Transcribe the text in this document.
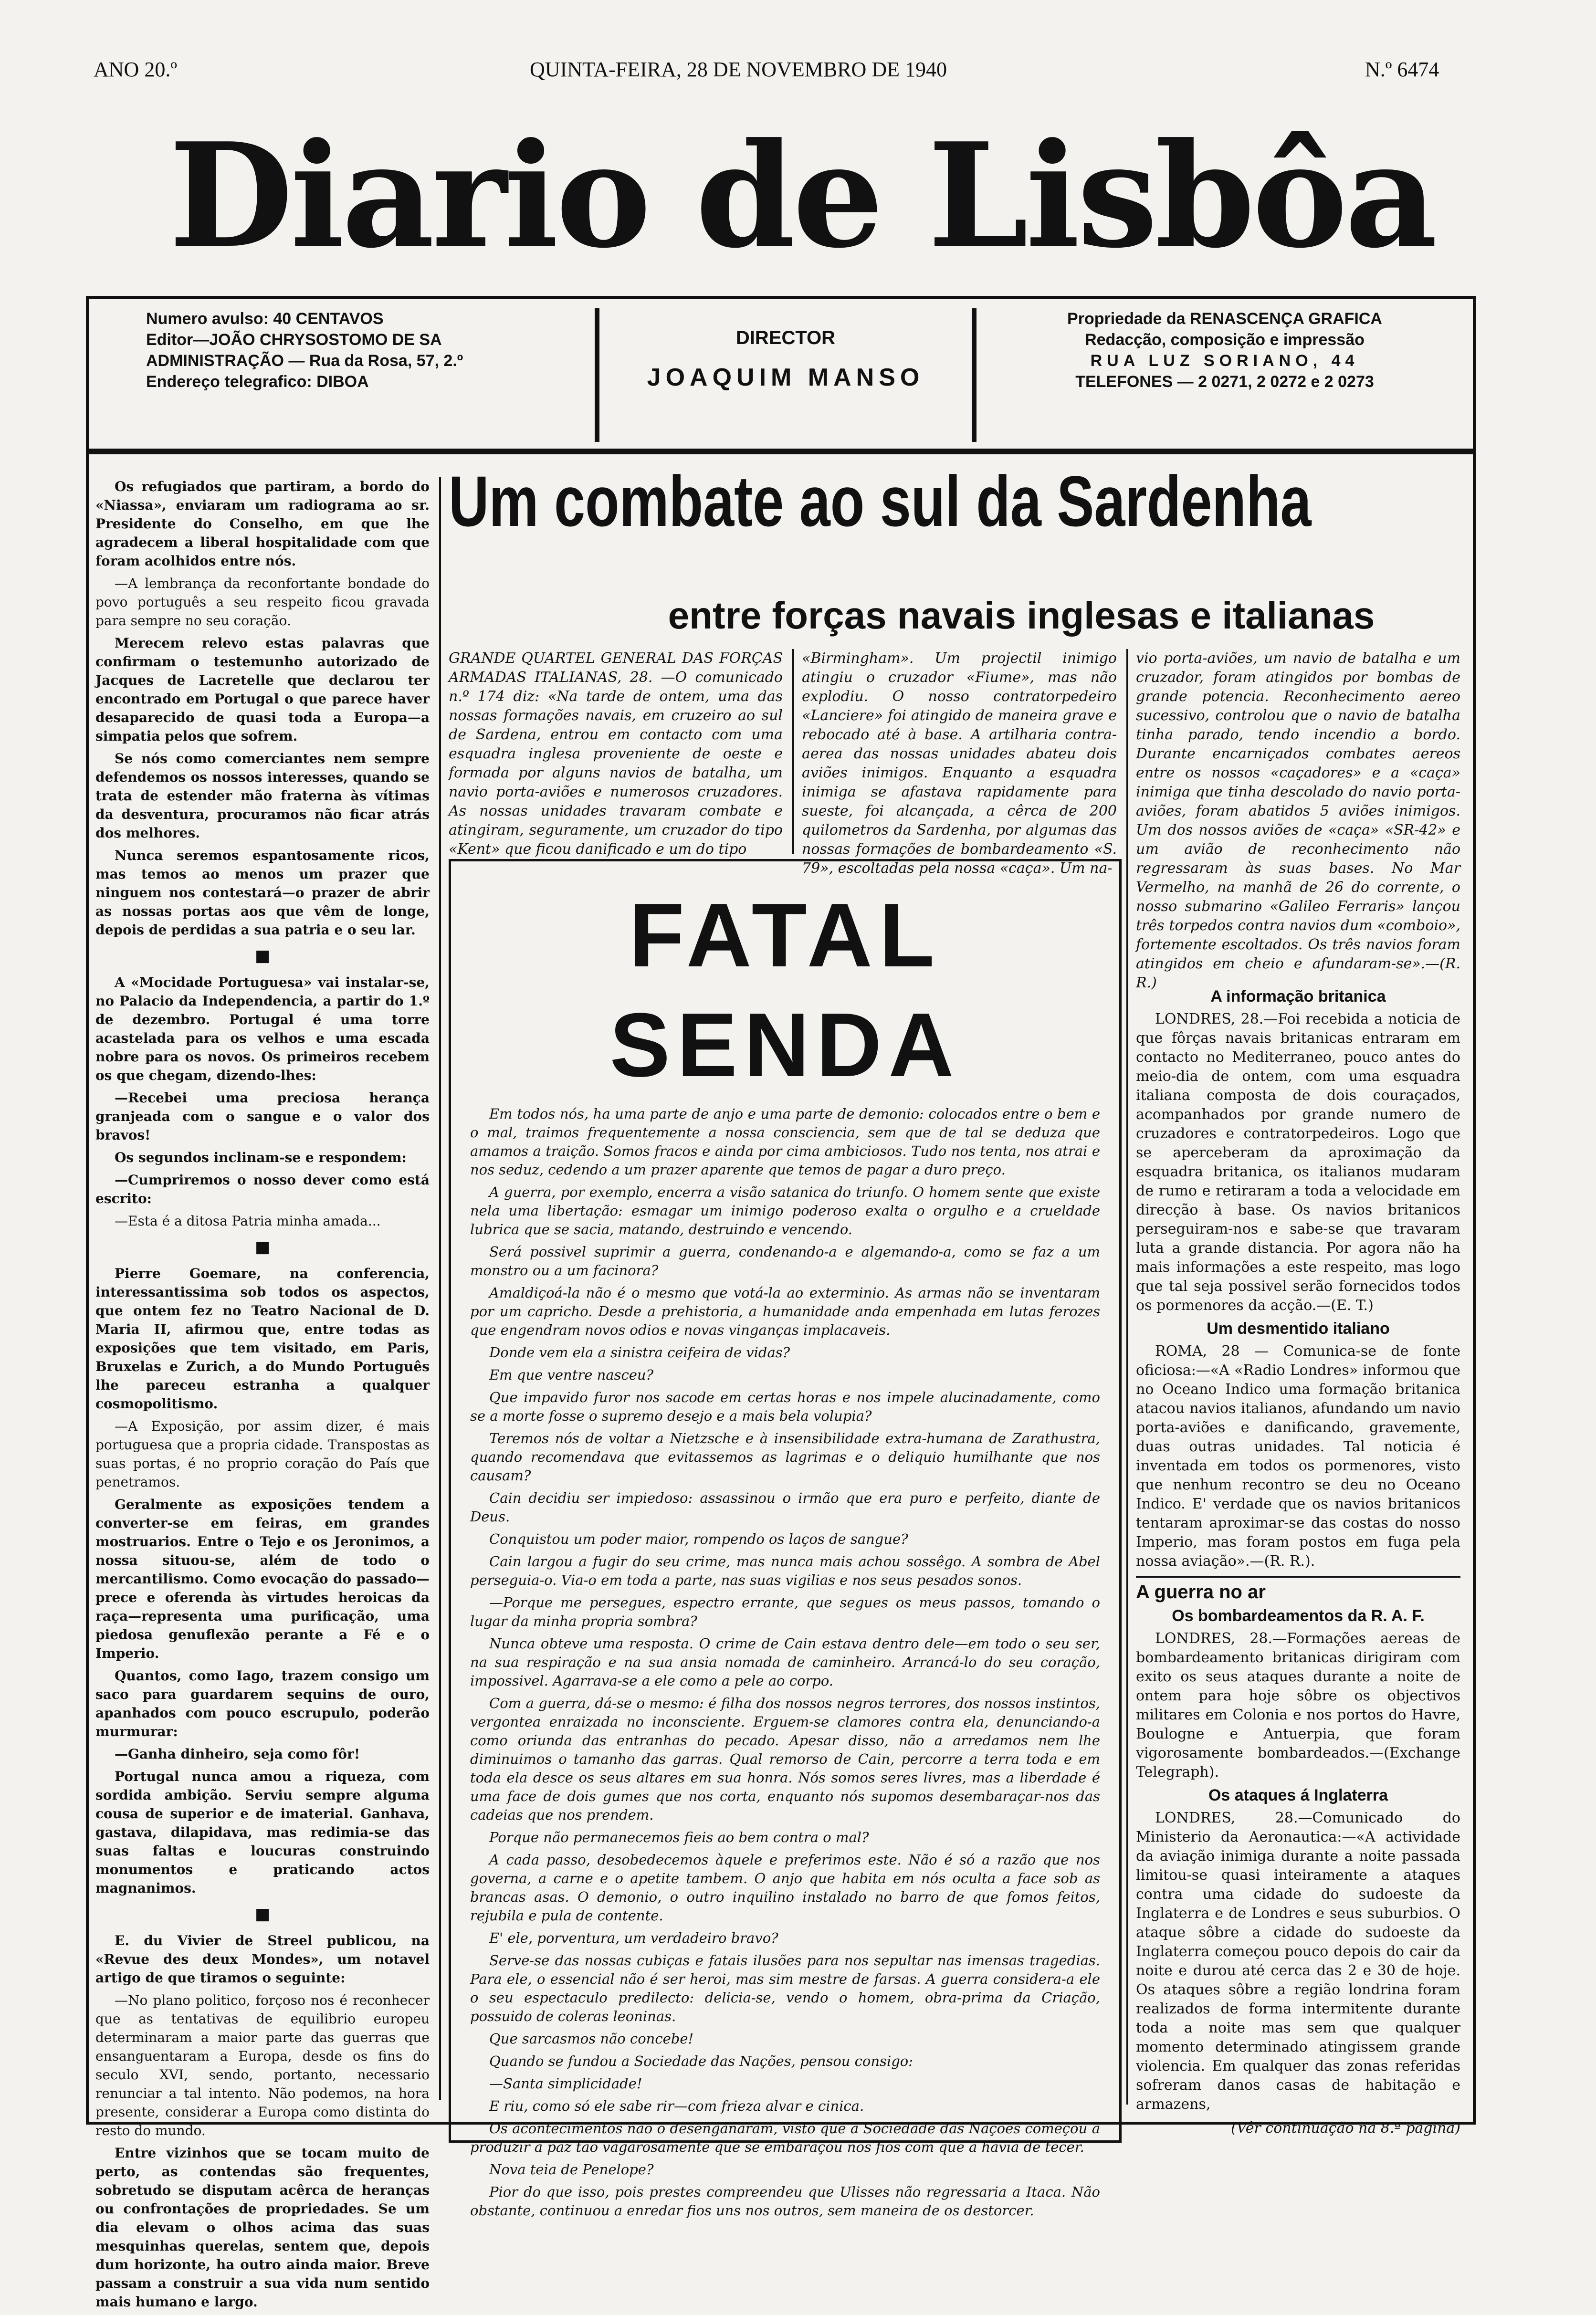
ANO 20.º	QUINTA-FEIRA, 28 DE NOVEMBRO DE 1940	N.º 6474
Diario de Lisbôa
Numero avulso: 40 CENTAVOS
Editor—JOÃO CHRYSOSTOMO DE SA
ADMINISTRAÇÃO — Rua da Rosa, 57, 2.º
Endereço telegrafico: DIBOA
DIRECTOR
JOAQUIM MANSO
Propriedade da RENASCENÇA GRAFICA
Redacção, composição e impressão
RUA LUZ SORIANO, 44
TELEFONES — 2 0271, 2 0272 e 2 0273

Os refugiados que partiram, a bordo do «Niassa», enviaram um radiograma ao sr. Presidente do Conselho, em que lhe agradecem a liberal hospitalidade com que foram acolhidos entre nós.

—A lembrança da reconfortante bondade do povo português a seu respeito ficou gravada para sempre no seu coração.

Merecem relevo estas palavras que confirmam o testemunho autorizado de Jacques de Lacretelle que declarou ter encontrado em Portugal o que parece haver desaparecido de quasi toda a Europa—a simpatia pelos que sofrem.

Se nós como comerciantes nem sempre defendemos os nossos interesses, quando se trata de estender mão fraterna às vítimas da desventura, procuramos não ficar atrás dos melhores.

Nunca seremos espantosamente ricos, mas temos ao menos um prazer que ninguem nos contestará—o prazer de abrir as nossas portas aos que vêm de longe, depois de perdidas a sua patria e o seu lar.

■

A «Mocidade Portuguesa» vai instalar-se, no Palacio da Independencia, a partir do 1.º de dezembro. Portugal é uma torre acastelada para os velhos e uma escada nobre para os novos. Os primeiros recebem os que chegam, dizendo-lhes:

—Recebei uma preciosa herança granjeada com o sangue e o valor dos bravos!

Os segundos inclinam-se e respondem:

—Cumpriremos o nosso dever como está escrito:

—Esta é a ditosa Patria minha amada...

■

Pierre Goemare, na conferencia, interessantissima sob todos os aspectos, que ontem fez no Teatro Nacional de D. Maria II, afirmou que, entre todas as exposições que tem visitado, em Paris, Bruxelas e Zurich, a do Mundo Português lhe pareceu estranha a qualquer cosmopolitismo.

—A Exposição, por assim dizer, é mais portuguesa que a propria cidade. Transpostas as suas portas, é no proprio coração do País que penetramos.

Geralmente as exposições tendem a converter-se em feiras, em grandes mostruarios. Entre o Tejo e os Jeronimos, a nossa situou-se, além de todo o mercantilismo. Como evocação do passado— prece e oferenda às virtudes heroicas da raça—representa uma purificação, uma piedosa genuflexão perante a Fé e o Imperio.

Quantos, como Iago, trazem consigo um saco para guardarem sequins de ouro, apanhados com pouco escrupulo, poderão murmurar:

—Ganha dinheiro, seja como fôr!

Portugal nunca amou a riqueza, com sordida ambição. Serviu sempre alguma cousa de superior e de imaterial. Ganhava, gastava, dilapidava, mas redimia-se das suas faltas e loucuras construindo monumentos e praticando actos magnanimos.

■

E. du Vivier de Streel publicou, na «Revue des deux Mondes», um notavel artigo de que tiramos o seguinte:

—No plano politico, forçoso nos é reconhecer que as tentativas de equilibrio europeu determinaram a maior parte das guerras que ensanguentaram a Europa, desde os fins do seculo XVI, sendo, portanto, necessario renunciar a tal intento. Não podemos, na hora presente, considerar a Europa como distinta do resto do mundo.

Entre vizinhos que se tocam muito de perto, as contendas são frequentes, sobretudo se disputam acêrca de heranças ou confrontações de propriedades. Se um dia elevam o olhos acima das suas mesquinhas querelas, sentem que, depois dum horizonte, ha outro ainda maior. Breve passam a construir a sua vida num sentido mais humano e largo.

Um combate ao sul da Sardenha
entre forças navais inglesas e italianas
GRANDE QUARTEL GENERAL DAS FORÇAS ARMADAS ITALIANAS, 28. —O comunicado n.º 174 diz: «Na tarde de ontem, uma das nossas formações navais, em cruzeiro ao sul de Sardena, entrou em contacto com uma esquadra inglesa proveniente de oeste e formada por alguns navios de batalha, um navio porta-aviões e numerosos cruzadores. As nossas unidades travaram combate e atingiram, seguramente, um cruzador do tipo «Kent» que ficou danificado e um do tipo
«Birmingham». Um projectil inimigo atingiu o cruzador «Fiume», mas não explodiu. O nosso contratorpedeiro «Lanciere» foi atingido de maneira grave e rebocado até à base. A artilharia contra-aerea das nossas unidades abateu dois aviões inimigos. Enquanto a esquadra inimiga se afastava rapidamente para sueste, foi alcançada, a cêrca de 200 quilometros da Sardenha, por algumas das nossas formações de bombardeamento «S. 79», escoltadas pela nossa «caça». Um na-
vio porta-aviões, um navio de batalha e um cruzador, foram atingidos por bombas de grande potencia. Reconhecimento aereo sucessivo, controlou que o navio de batalha tinha parado, tendo incendio a bordo. Durante encarniçados combates aereos entre os nossos «caçadores» e a «caça» inimiga que tinha descolado do navio porta-aviões, foram abatidos 5 aviões inimigos. Um dos nossos aviões de «caça» «SR-42» e um avião de reconhecimento não regressaram às suas bases. No Mar Vermelho, na manhã de 26 do corrente, o nosso submarino «Galileo Ferraris» lançou três torpedos contra navios dum «comboio», fortemente escoltados. Os três navios foram atingidos em cheio e afundaram-se».—(R. R.)
FATAL SENDA

Em todos nós, ha uma parte de anjo e uma parte de demonio: colocados entre o bem e o mal, traimos frequentemente a nossa consciencia, sem que de tal se deduza que amamos a traição. Somos fracos e ainda por cima ambiciosos. Tudo nos tenta, nos atrai e nos seduz, cedendo a um prazer aparente que temos de pagar a duro preço.

A guerra, por exemplo, encerra a visão satanica do triunfo. O homem sente que existe nela uma libertação: esmagar um inimigo poderoso exalta o orgulho e a crueldade lubrica que se sacia, matando, destruindo e vencendo.

Será possivel suprimir a guerra, condenando-a e algemando-a, como se faz a um monstro ou a um facinora?

Amaldiçoá-la não é o mesmo que votá-la ao exterminio. As armas não se inventaram por um capricho. Desde a prehistoria, a humanidade anda empenhada em lutas ferozes que engendram novos odios e novas vinganças implacaveis.

Donde vem ela a sinistra ceifeira de vidas?

Em que ventre nasceu?

Que impavido furor nos sacode em certas horas e nos impele alucinadamente, como se a morte fosse o supremo desejo e a mais bela volupia?

Teremos nós de voltar a Nietzsche e à insensibilidade extra-humana de Zarathustra, quando recomendava que evitassemos as lagrimas e o deliquio humilhante que nos causam?

Cain decidiu ser impiedoso: assassinou o irmão que era puro e perfeito, diante de Deus.

Conquistou um poder maior, rompendo os laços de sangue?

Cain largou a fugir do seu crime, mas nunca mais achou sossêgo. A sombra de Abel perseguia-o. Via-o em toda a parte, nas suas vigilias e nos seus pesados sonos.

—Porque me persegues, espectro errante, que segues os meus passos, tomando o lugar da minha propria sombra?

Nunca obteve uma resposta. O crime de Cain estava dentro dele—em todo o seu ser, na sua respiração e na sua ansia nomada de caminheiro. Arrancá-lo do seu coração, impossivel. Agarrava-se a ele como a pele ao corpo.

Com a guerra, dá-se o mesmo: é filha dos nossos negros terrores, dos nossos instintos, vergontea enraizada no inconsciente. Erguem-se clamores contra ela, denunciando-a como oriunda das entranhas do pecado. Apesar disso, não a arredamos nem lhe diminuimos o tamanho das garras. Qual remorso de Cain, percorre a terra toda e em toda ela desce os seus altares em sua honra. Nós somos seres livres, mas a liberdade é uma face de dois gumes que nos corta, enquanto nós supomos desembaraçar-nos das cadeias que nos prendem.

Porque não permanecemos fieis ao bem contra o mal?

A cada passo, desobedecemos àquele e preferimos este. Não é só a razão que nos governa, a carne e o apetite tambem. O anjo que habita em nós oculta a face sob as brancas asas. O demonio, o outro inquilino instalado no barro de que fomos feitos, rejubila e pula de contente.

E' ele, porventura, um verdadeiro bravo?

Serve-se das nossas cubiças e fatais ilusões para nos sepultar nas imensas tragedias. Para ele, o essencial não é ser heroi, mas sim mestre de farsas. A guerra considera-a ele o seu espectaculo predilecto: delicia-se, vendo o homem, obra-prima da Criação, possuido de coleras leoninas.

Que sarcasmos não concebe!

Quando se fundou a Sociedade das Nações, pensou consigo:

—Santa simplicidade!

E riu, como só ele sabe rir—com frieza alvar e cinica.

Os acontecimentos não o desenganaram, visto que a Sociedade das Nações começou a produzir a paz tão vagarosamente que se embaraçou nos fios com que a havia de tecer.

Nova teia de Penelope?

Pior do que isso, pois prestes compreendeu que Ulisses não regressaria a Itaca. Não obstante, continuou a enredar fios uns nos outros, sem maneira de os destorcer.

A informação britanica

LONDRES, 28.—Foi recebida a noticia de que fôrças navais britanicas entraram em contacto no Mediterraneo, pouco antes do meio-dia de ontem, com uma esquadra italiana composta de dois couraçados, acompanhados por grande numero de cruzadores e contratorpedeiros. Logo que se aperceberam da aproximação da esquadra britanica, os italianos mudaram de rumo e retiraram a toda a velocidade em direcção à base. Os navios britanicos perseguiram-nos e sabe-se que travaram luta a grande distancia. Por agora não ha mais informações a este respeito, mas logo que tal seja possivel serão fornecidos todos os pormenores da acção.—(E. T.)

Um desmentido italiano

ROMA, 28 — Comunica-se de fonte oficiosa:—«A «Radio Londres» informou que no Oceano Indico uma formação britanica atacou navios italianos, afundando um navio porta-aviões e danificando, gravemente, duas outras unidades. Tal noticia é inventada em todos os pormenores, visto que nenhum recontro se deu no Oceano Indico. E' verdade que os navios britanicos tentaram aproximar-se das costas do nosso Imperio, mas foram postos em fuga pela nossa aviação».—(R. R.).

A guerra no ar
Os bombardeamentos da R. A. F.

LONDRES, 28.—Formações aereas de bombardeamento britanicas dirigiram com exito os seus ataques durante a noite de ontem para hoje sôbre os objectivos militares em Colonia e nos portos do Havre, Boulogne e Antuerpia, que foram vigorosamente bombardeados.—(Exchange Telegraph).

Os ataques á Inglaterra

LONDRES, 28.—Comunicado do Ministerio da Aeronautica:—«A actividade da aviação inimiga durante a noite passada limitou-se quasi inteiramente a ataques contra uma cidade do sudoeste da Inglaterra e de Londres e seus suburbios. O ataque sôbre a cidade do sudoeste da Inglaterra começou pouco depois do cair da noite e durou até cerca das 2 e 30 de hoje. Os ataques sôbre a região londrina foram realizados de forma intermitente durante toda a noite mas sem que qualquer momento determinado atingissem grande violencia. Em qualquer das zonas referidas sofreram danos casas de habitação e armazens,

(Vêr continuação na 8.ª pagina)
